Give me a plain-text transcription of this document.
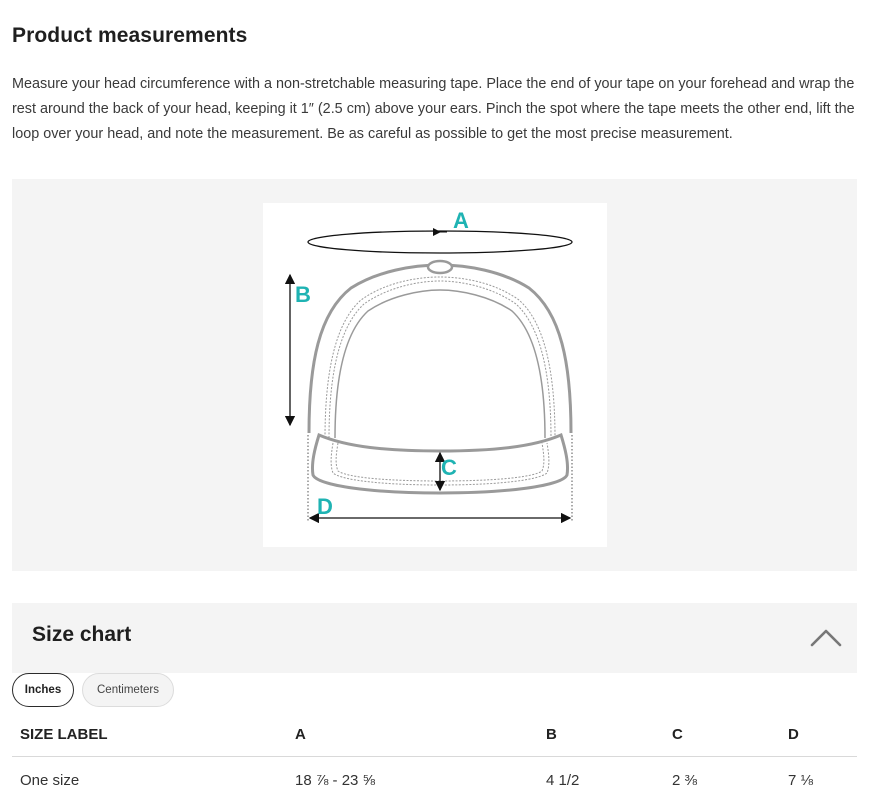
Product measurements

Measure your head circumference with a non-stretchable measuring tape. Place the end of your tape on your forehead and wrap the rest around the back of your head, keeping it 1″ (2.5 cm) above your ears. Pinch the spot where the tape meets the other end, lift the loop over your head, and note the measurement. Be as careful as possible to get the most precise measurement.

A
B
C
D
Size chart
Inches	Centimeters
SIZE LABEL	A	B	C	D
One size	18 ⅞ - 23 ⅝	4 1/2	2 ⅜	7 ⅛
